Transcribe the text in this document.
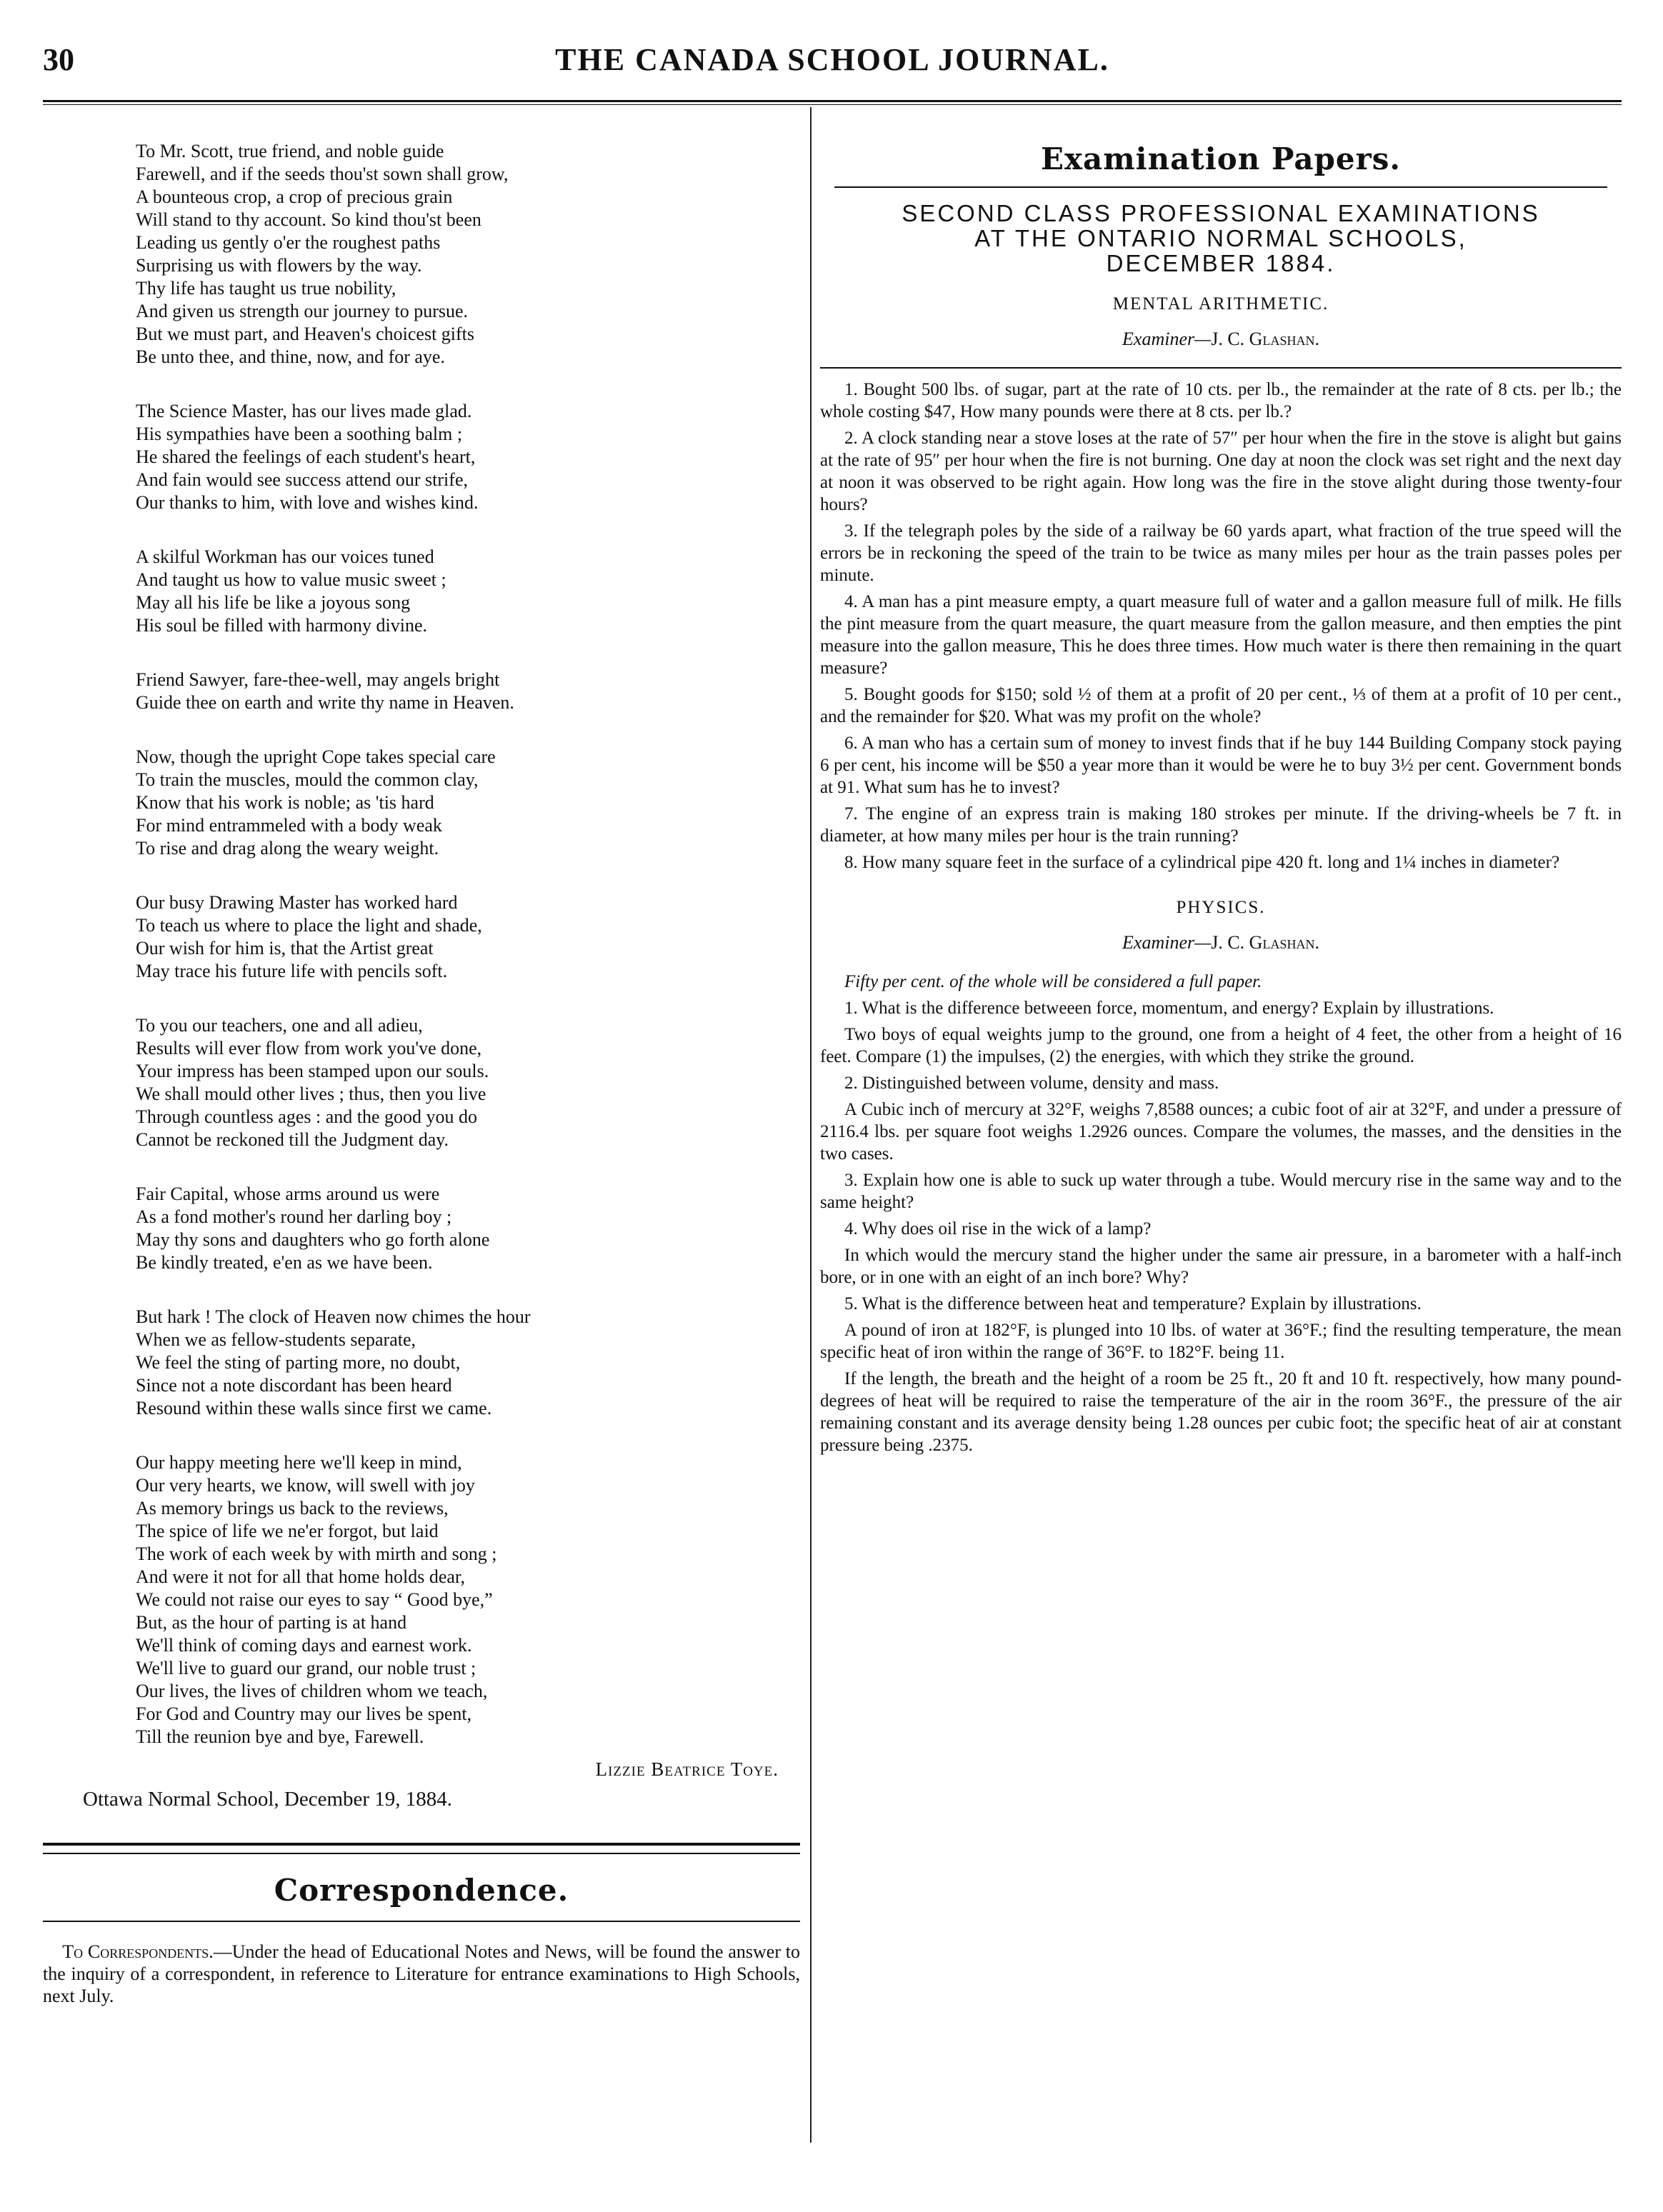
30	THE CANADA SCHOOL JOURNAL.
To Mr. Scott, true friend, and noble guide
Farewell, and if the seeds thou'st sown shall grow,
A bounteous crop, a crop of precious grain
Will stand to thy account. So kind thou'st been
Leading us gently o'er the roughest paths
Surprising us with flowers by the way.
Thy life has taught us true nobility,
And given us strength our journey to pursue.
But we must part, and Heaven's choicest gifts
Be unto thee, and thine, now, and for aye.
The Science Master, has our lives made glad.
His sympathies have been a soothing balm ;
He shared the feelings of each student's heart,
And fain would see success attend our strife,
Our thanks to him, with love and wishes kind.
A skilful Workman has our voices tuned
And taught us how to value music sweet ;
May all his life be like a joyous song
His soul be filled with harmony divine.
Friend Sawyer, fare-thee-well, may angels bright
Guide thee on earth and write thy name in Heaven.
Now, though the upright Cope takes special care
To train the muscles, mould the common clay,
Know that his work is noble; as 'tis hard
For mind entrammeled with a body weak
To rise and drag along the weary weight.
Our busy Drawing Master has worked hard
To teach us where to place the light and shade,
Our wish for him is, that the Artist great
May trace his future life with pencils soft.
To you our teachers, one and all adieu,
Results will ever flow from work you've done,
Your impress has been stamped upon our souls.
We shall mould other lives ; thus, then you live
Through countless ages : and the good you do
Cannot be reckoned till the Judgment day.
Fair Capital, whose arms around us were
As a fond mother's round her darling boy ;
May thy sons and daughters who go forth alone
Be kindly treated, e'en as we have been.
But hark ! The clock of Heaven now chimes the hour
When we as fellow-students separate,
We feel the sting of parting more, no doubt,
Since not a note discordant has been heard
Resound within these walls since first we came.
Our happy meeting here we'll keep in mind,
Our very hearts, we know, will swell with joy
As memory brings us back to the reviews,
The spice of life we ne'er forgot, but laid
The work of each week by with mirth and song ;
And were it not for all that home holds dear,
We could not raise our eyes to say “ Good bye,”
But, as the hour of parting is at hand
We'll think of coming days and earnest work.
We'll live to guard our grand, our noble trust ;
Our lives, the lives of children whom we teach,
For God and Country may our lives be spent,
Till the reunion bye and bye, Farewell.
Lizzie Beatrice Toye.
Ottawa Normal School, December 19, 1884.
Correspondence.
To Correspondents.—Under the head of Educational Notes and News, will be found the answer to the inquiry of a correspondent, in reference to Literature for entrance examinations to High Schools, next July.
Examination Papers.
SECOND CLASS PROFESSIONAL EXAMINATIONS
AT THE ONTARIO NORMAL SCHOOLS,
DECEMBER 1884.
MENTAL ARITHMETIC.
Examiner—J. C. Glashan.
1. Bought 500 lbs. of sugar, part at the rate of 10 cts. per lb., the remainder at the rate of 8 cts. per lb.; the whole costing $47, How many pounds were there at 8 cts. per lb.?
2. A clock standing near a stove loses at the rate of 57″ per hour when the fire in the stove is alight but gains at the rate of 95″ per hour when the fire is not burning. One day at noon the clock was set right and the next day at noon it was observed to be right again. How long was the fire in the stove alight during those twenty-four hours?
3. If the telegraph poles by the side of a railway be 60 yards apart, what fraction of the true speed will the errors be in reckoning the speed of the train to be twice as many miles per hour as the train passes poles per minute.
4. A man has a pint measure empty, a quart measure full of water and a gallon measure full of milk. He fills the pint measure from the quart measure, the quart measure from the gallon measure, and then empties the pint measure into the gallon measure, This he does three times. How much water is there then remaining in the quart measure?
5. Bought goods for $150; sold ½ of them at a profit of 20 per cent., ⅓ of them at a profit of 10 per cent., and the remainder for $20. What was my profit on the whole?
6. A man who has a certain sum of money to invest finds that if he buy 144 Building Company stock paying 6 per cent, his income will be $50 a year more than it would be were he to buy 3½ per cent. Government bonds at 91. What sum has he to invest?
7. The engine of an express train is making 180 strokes per minute. If the driving-wheels be 7 ft. in diameter, at how many miles per hour is the train running?
8. How many square feet in the surface of a cylindrical pipe 420 ft. long and 1¼ inches in diameter?
PHYSICS.
Examiner—J. C. Glashan.
Fifty per cent. of the whole will be considered a full paper.
1. What is the difference betweeen force, momentum, and energy? Explain by illustrations.
Two boys of equal weights jump to the ground, one from a height of 4 feet, the other from a height of 16 feet. Compare (1) the impulses, (2) the energies, with which they strike the ground.
2. Distinguished between volume, density and mass.
A Cubic inch of mercury at 32°F, weighs 7,8588 ounces; a cubic foot of air at 32°F, and under a pressure of 2116.4 lbs. per square foot weighs 1.2926 ounces. Compare the volumes, the masses, and the densities in the two cases.
3. Explain how one is able to suck up water through a tube. Would mercury rise in the same way and to the same height?
4. Why does oil rise in the wick of a lamp?
In which would the mercury stand the higher under the same air pressure, in a barometer with a half-inch bore, or in one with an eight of an inch bore? Why?
5. What is the difference between heat and temperature? Explain by illustrations.
A pound of iron at 182°F, is plunged into 10 lbs. of water at 36°F.; find the resulting temperature, the mean specific heat of iron within the range of 36°F. to 182°F. being 11.
If the length, the breath and the height of a room be 25 ft., 20 ft and 10 ft. respectively, how many pound-degrees of heat will be required to raise the temperature of the air in the room 36°F., the pressure of the air remaining constant and its average density being 1.28 ounces per cubic foot; the specific heat of air at constant pressure being .2375.
